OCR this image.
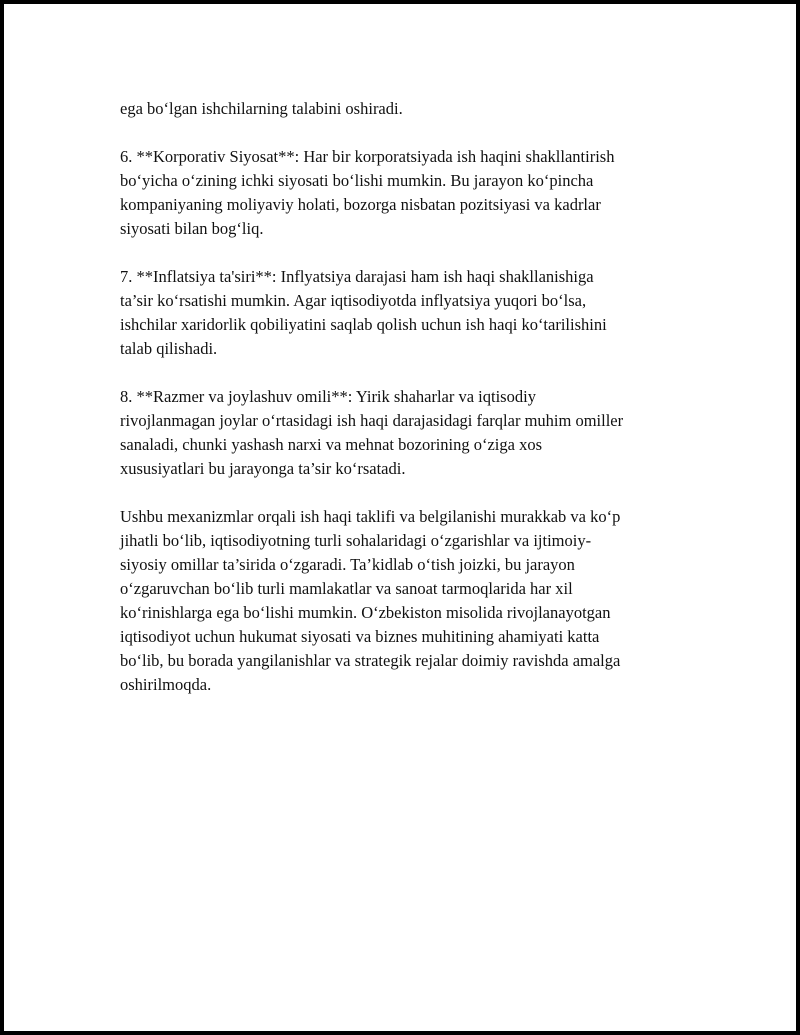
ega bo‘lgan ishchilarning talabini oshiradi.

6. **Korporativ Siyosat**: Har bir korporatsiyada ish haqini shakllantirish
bo‘yicha o‘zining ichki siyosati bo‘lishi mumkin. Bu jarayon ko‘pincha
kompaniyaning moliyaviy holati, bozorga nisbatan pozitsiyasi va kadrlar
siyosati bilan bog‘liq.

7. **Inflatsiya ta'siri**: Inflyatsiya darajasi ham ish haqi shakllanishiga
ta’sir ko‘rsatishi mumkin. Agar iqtisodiyotda inflyatsiya yuqori bo‘lsa,
ishchilar xaridorlik qobiliyatini saqlab qolish uchun ish haqi ko‘tarilishini
talab qilishadi.

8. **Razmer va joylashuv omili**: Yirik shaharlar va iqtisodiy
rivojlanmagan joylar o‘rtasidagi ish haqi darajasidagi farqlar muhim omiller
sanaladi, chunki yashash narxi va mehnat bozorining o‘ziga xos
xususiyatlari bu jarayonga ta’sir ko‘rsatadi.

Ushbu mexanizmlar orqali ish haqi taklifi va belgilanishi murakkab va ko‘p
jihatli bo‘lib, iqtisodiyotning turli sohalaridagi o‘zgarishlar va ijtimoiy-
siyosiy omillar ta’sirida o‘zgaradi. Ta’kidlab o‘tish joizki, bu jarayon
o‘zgaruvchan bo‘lib turli mamlakatlar va sanoat tarmoqlarida har xil
ko‘rinishlarga ega bo‘lishi mumkin. O‘zbekiston misolida rivojlanayotgan
iqtisodiyot uchun hukumat siyosati va biznes muhitining ahamiyati katta
bo‘lib, bu borada yangilanishlar va strategik rejalar doimiy ravishda amalga
oshirilmoqda.
